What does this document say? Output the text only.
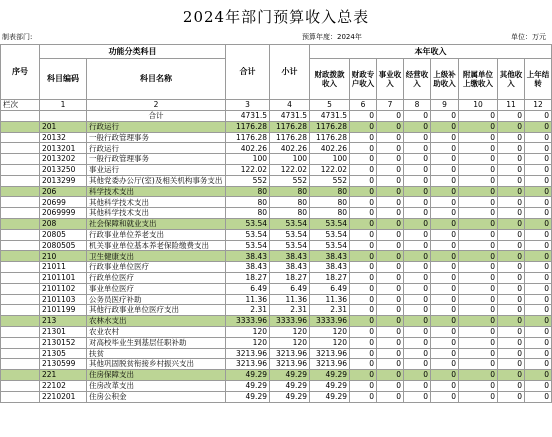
2024年部门预算收入总表
制表部门:	预算年度：2024年	单位：万元
序号	功能分类科目		合计	小计	本年收入							
	科目编码	科目名称			财政拨款收入	财政专户收入	事业收入	经营收入	上级补助收入	附属单位上缴收入	其他收入	上年结转

栏次	1	2	3	4	5	6	7	8	9	10	11	12
		合计	4731.5	4731.5	4731.5	0	0	0	0	0	0	0
	201	行政运行	1176.28	1176.28	1176.28	0	0	0	0	0	0	0
	20132	一般行政管理事务	1176.28	1176.28	1176.28	0	0	0	0	0	0	0
	2013201	行政运行	402.26	402.26	402.26	0	0	0	0	0	0	0
	2013202	一般行政管理事务	100	100	100	0	0	0	0	0	0	0
	2013250	事业运行	122.02	122.02	122.02	0	0	0	0	0	0	0
	2013299	其他党委办公厅(室)及相关机构事务支出	552	552	552	0	0	0	0	0	0	0
	206	科学技术支出	80	80	80	0	0	0	0	0	0	0
	20699	其他科学技术支出	80	80	80	0	0	0	0	0	0	0
	2069999	其他科学技术支出	80	80	80	0	0	0	0	0	0	0
	208	社会保障和就业支出	53.54	53.54	53.54	0	0	0	0	0	0	0
	20805	行政事业单位养老支出	53.54	53.54	53.54	0	0	0	0	0	0	0
	2080505	机关事业单位基本养老保险缴费支出	53.54	53.54	53.54	0	0	0	0	0	0	0
	210	卫生健康支出	38.43	38.43	38.43	0	0	0	0	0	0	0
	21011	行政事业单位医疗	38.43	38.43	38.43	0	0	0	0	0	0	0
	2101101	行政单位医疗	18.27	18.27	18.27	0	0	0	0	0	0	0
	2101102	事业单位医疗	6.49	6.49	6.49	0	0	0	0	0	0	0
	2101103	公务员医疗补助	11.36	11.36	11.36	0	0	0	0	0	0	0
	2101199	其他行政事业单位医疗支出	2.31	2.31	2.31	0	0	0	0	0	0	0
	213	农林水支出	3333.96	3333.96	3333.96	0	0	0	0	0	0	0
	21301	农业农村	120	120	120	0	0	0	0	0	0	0
	2130152	对高校毕业生到基层任职补助	120	120	120	0	0	0	0	0	0	0
	21305	扶贫	3213.96	3213.96	3213.96	0	0	0	0	0	0	0
	2130599	其他巩固脱贫衔接乡村振兴支出	3213.96	3213.96	3213.96	0	0	0	0	0	0	0
	221	住房保障支出	49.29	49.29	49.29	0	0	0	0	0	0	0
	22102	住房改革支出	49.29	49.29	49.29	0	0	0	0	0	0	0
	2210201	住房公积金	49.29	49.29	49.29	0	0	0	0	0	0	0
